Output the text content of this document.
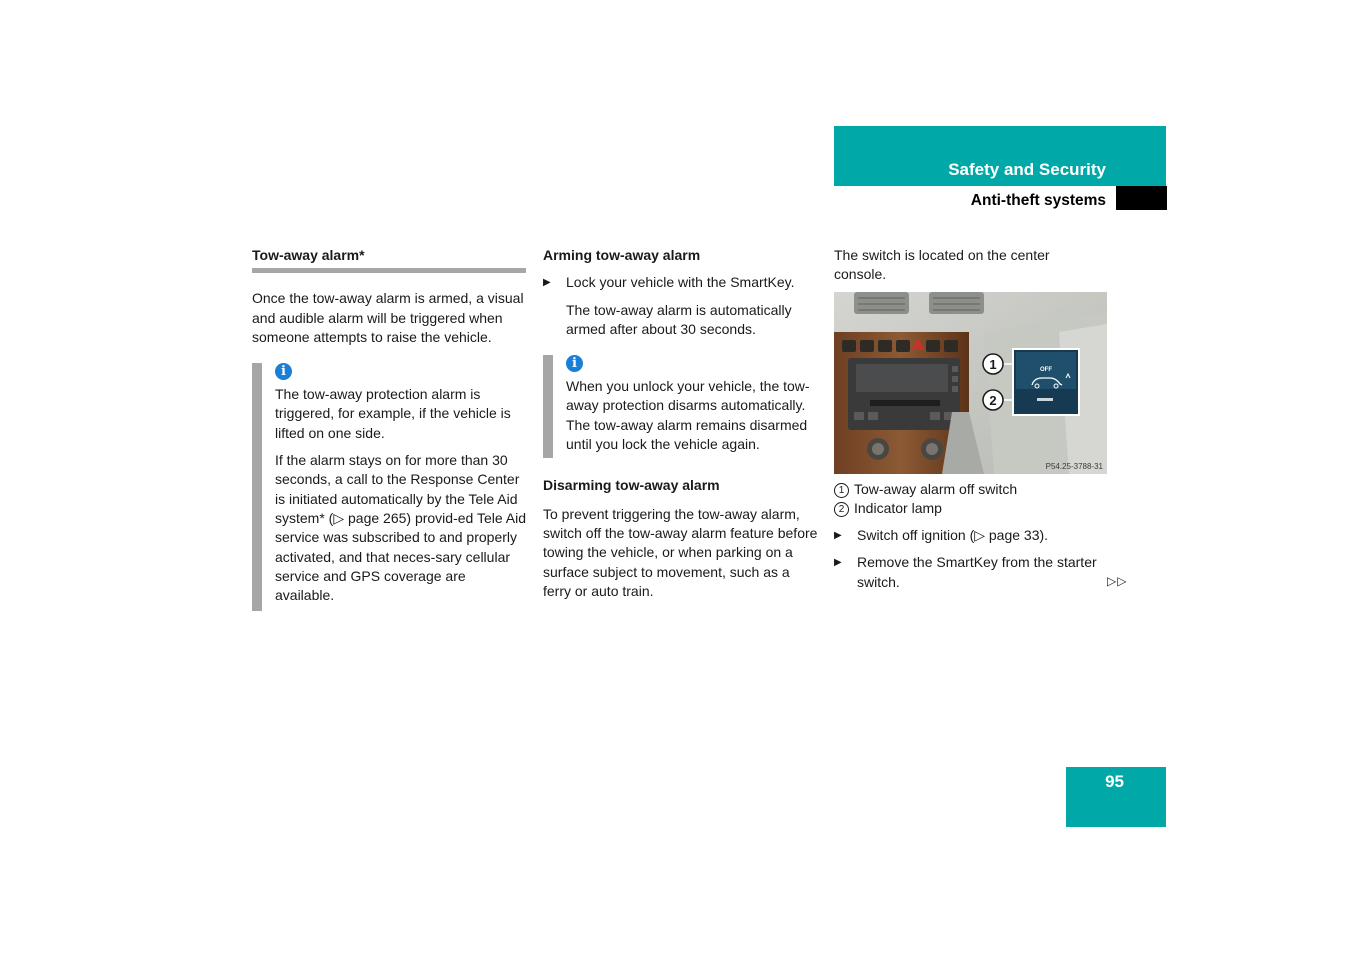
Safety and Security
Anti-theft systems
Tow-away alarm*

Once the tow-away alarm is armed, a visual and audible alarm will be triggered when someone attempts to raise the vehicle.

i

The tow-away protection alarm is triggered, for example, if the vehicle is lifted on one side.

If the alarm stays on for more than 30 seconds, a call to the Response Center is initiated automatically by the Tele Aid system* (▷ page 265) provid-ed Tele Aid service was subscribed to and properly activated, and that neces-sary cellular service and GPS coverage are available.

Arming tow-away alarm
▶ Lock your vehicle with the SmartKey.

The tow-away alarm is automatically armed after about 30 seconds.

i

When you unlock your vehicle, the tow-away protection disarms automatically. The tow-away alarm remains disarmed until you lock the vehicle again.

Disarming tow-away alarm

To prevent triggering the tow-away alarm, switch off the tow-away alarm feature before towing the vehicle, or when parking on a surface subject to movement, such as a ferry or auto train.

The switch is located on the center console.

OFF
1
2
P54.25-3788-31
1 Tow-away alarm off switch
2 Indicator lamp
▶ Switch off ignition (▷ page 33).

▶ Remove the SmartKey from the starter switch.	▷▷
95
